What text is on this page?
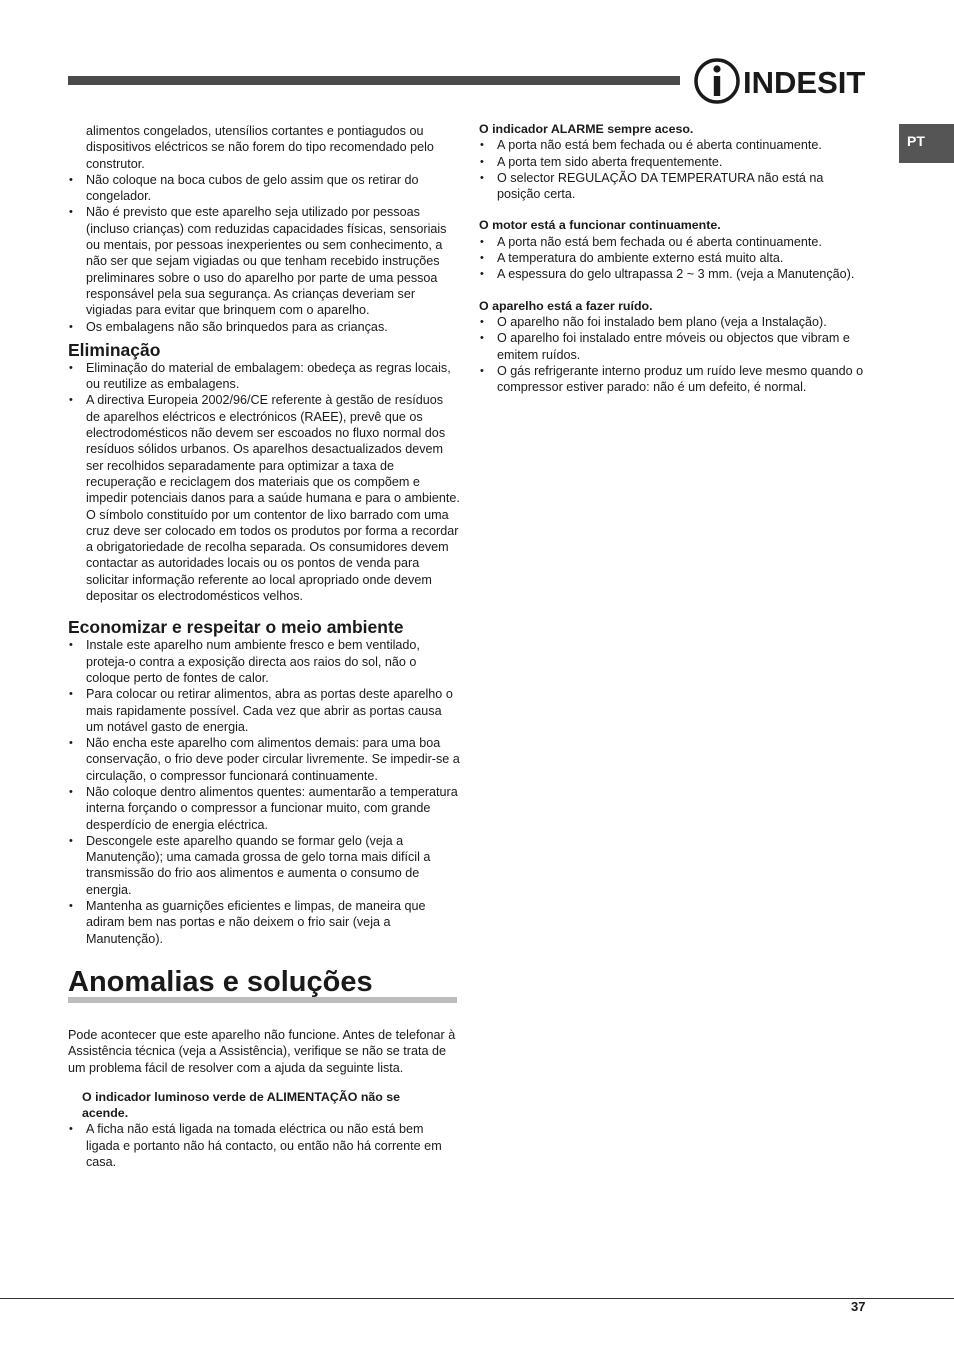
INDESIT
PT

alimentos congelados, utensílios cortantes e pontiagudos ou dispositivos eléctricos se não forem do tipo recomendado pelo construtor.

• Não coloque na boca cubos de gelo assim que os retirar do congelador.
• Não é previsto que este aparelho seja utilizado por pessoas (incluso crianças) com reduzidas capacidades físicas, sensoriais ou mentais, por pessoas inexperientes ou sem conhecimento, a não ser que sejam vigiadas ou que tenham recebido instruções preliminares sobre o uso do aparelho por parte de uma pessoa responsável pela sua segurança. As crianças deveriam ser vigiadas para evitar que brinquem com o aparelho.
• Os embalagens não são brinquedos para as crianças.
Eliminação
• Eliminação do material de embalagem: obedeça as regras locais, ou reutilize as embalagens.
• A directiva Europeia 2002/96/CE referente à gestão de resíduos de aparelhos eléctricos e electrónicos (RAEE), prevê que os electrodomésticos não devem ser escoados no fluxo normal dos resíduos sólidos urbanos. Os aparelhos desactualizados devem ser recolhidos separadamente para optimizar a taxa de recuperação e reciclagem dos materiais que os compõem e impedir potenciais danos para a saúde humana e para o ambiente. O símbolo constituído por um contentor de lixo barrado com uma cruz deve ser colocado em todos os produtos por forma a recordar a obrigatoriedade de recolha separada. Os consumidores devem contactar as autoridades locais ou os pontos de venda para solicitar informação referente ao local apropriado onde devem depositar os electrodomésticos velhos.
Economizar e respeitar o meio ambiente
• Instale este aparelho num ambiente fresco e bem ventilado, proteja-o contra a exposição directa aos raios do sol, não o coloque perto de fontes de calor.
• Para colocar ou retirar alimentos, abra as portas deste aparelho o mais rapidamente possível. Cada vez que abrir as portas causa um notável gasto de energia.
• Não encha este aparelho com alimentos demais: para uma boa conservação, o frio deve poder circular livremente. Se impedir-se a circulação, o compressor funcionará continuamente.
• Não coloque dentro alimentos quentes: aumentarão a temperatura interna forçando o compressor a funcionar muito, com grande desperdício de energia eléctrica.
• Descongele este aparelho quando se formar gelo (veja a Manutenção); uma camada grossa de gelo torna mais difícil a transmissão do frio aos alimentos e aumenta o consumo de energia.
• Mantenha as guarnições eficientes e limpas, de maneira que adiram bem nas portas e não deixem o frio sair (veja a Manutenção).
Anomalias e soluções

Pode acontecer que este aparelho não funcione. Antes de telefonar à Assistência técnica (veja a Assistência), verifique se não se trata de um problema fácil de resolver com a ajuda da seguinte lista.

O indicador luminoso verde de ALIMENTAÇÃO não se acende.

• A ficha não está ligada na tomada eléctrica ou não está bem ligada e portanto não há contacto, ou então não há corrente em casa.

O indicador ALARME sempre aceso.

• A porta não está bem fechada ou é aberta continuamente.
• A porta tem sido aberta frequentemente.
• O selector REGULAÇÃO DA TEMPERATURA não está na posição certa.

O motor está a funcionar continuamente.

• A porta não está bem fechada ou é aberta continuamente.
• A temperatura do ambiente externo está muito alta.
• A espessura do gelo ultrapassa 2 ~ 3 mm. (veja a Manutenção).

O aparelho está a fazer ruído.

• O aparelho não foi instalado bem plano (veja a Instalação).
• O aparelho foi instalado entre móveis ou objectos que vibram e emitem ruídos.
• O gás refrigerante interno produz um ruído leve mesmo quando o compressor estiver parado: não é um defeito, é normal.
37
